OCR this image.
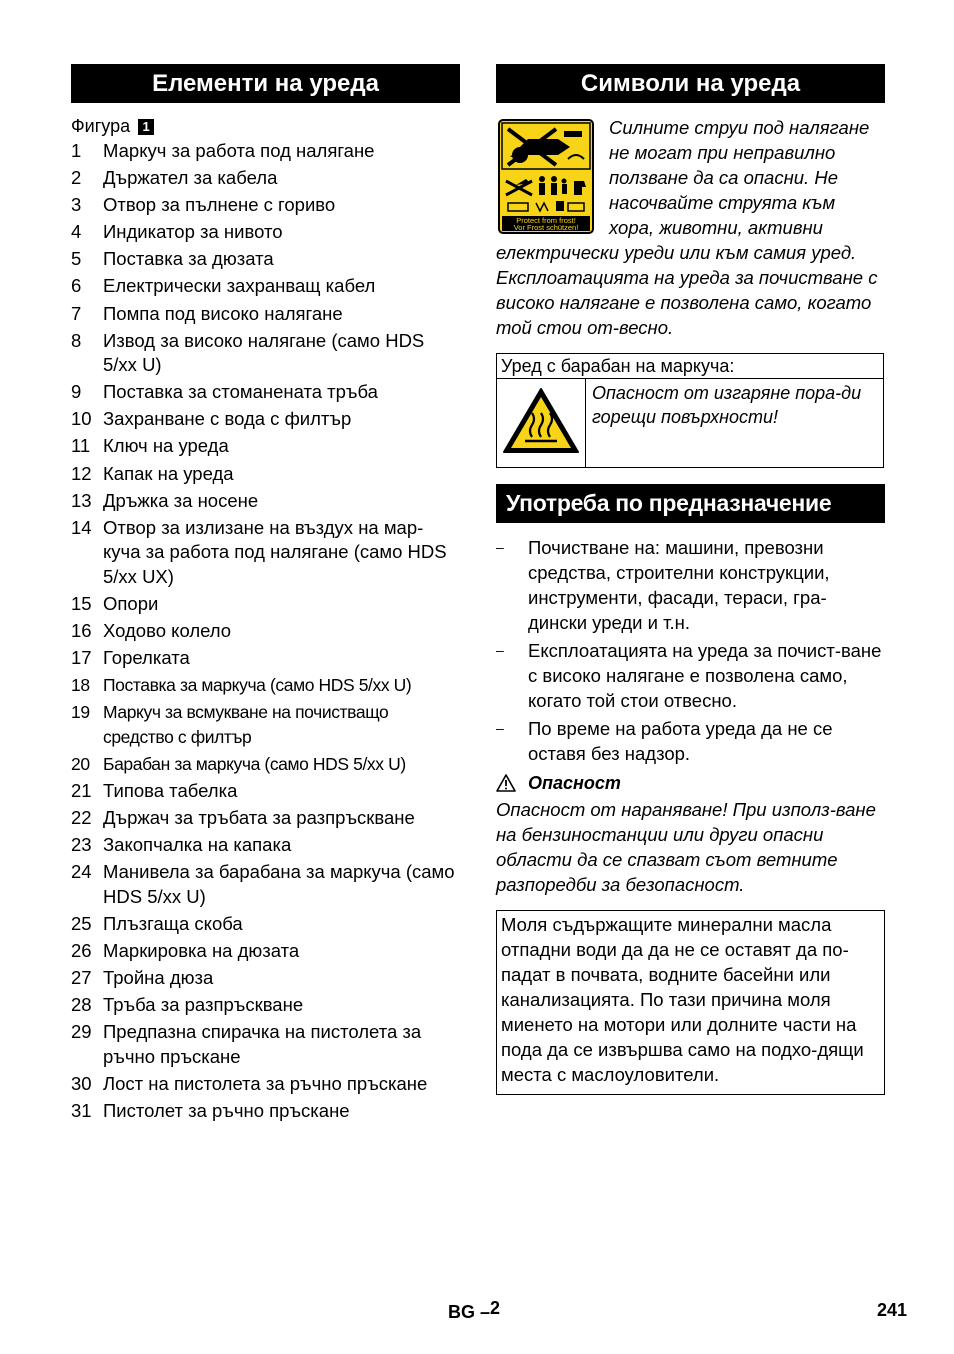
Елементи на уреда
Фигура 1
1	Маркуч за работа под налягане
2	Държател за кабела
3	Отвор за пълнене с гориво
4	Индикатор за нивото
5	Поставка за дюзата
6	Електрически захранващ кабел
7	Помпа под високо налягане
8	Извод за високо налягане (само HDS 5/xx U)
9	Поставка за стоманената тръба
10 Захранване с вода с филтър
11 Ключ на уреда
12 Капак на уреда
13 Дръжка за носене
14 Отвор за излизане на въздух на мар-куча за работа под налягане (само HDS 5/xx UX)
15 Опори
16 Ходово колело
17 Горелката
18 Поставка за маркуча (само HDS 5/xx U)
19 Маркуч за всмукване на почистващо средство с филтър
20 Барабан за маркуча (само HDS 5/xx U)
21 Типова табелка
22 Държач за тръбата за разпръскване
23 Закопчалка на капака
24 Манивела за барабана за маркуча (само HDS 5/xx U)
25 Плъзгаща скоба
26 Маркировка на дюзата
27 Тройна дюза
28 Тръба за разпръскване
29 Предпазна спирачка на пистолета за ръчно пръскане
30 Лост на пистолета за ръчно пръскане
31 Пистолет за ръчно пръскане
Символи на уреда
Protect from frost!
Vor Frost schützen!
Силните струи под налягане не могат при неправилно ползване да са опасни. Не насочвайте струята към хора, животни, активни електрически уреди или към самия уред. Експлоатацията на уреда за почистване с високо налягане е позволена само, когато той стои от-весно.
Уред с барабан на маркуча:
	Опасност от изгаряне пора-ди горещи повърхности!
Употреба по предназначение
–	Почистване на: машини, превозни средства, строителни конструкции, инструменти, фасади, тераси, гра-дински уреди и т.н.
–	Експлоатацията на уреда за почист-ване с високо налягане е позволена само, когато той стои отвесно.
–	По време на работа уреда да не се оставя без надзор.
Опасност
Опасност от нараняване! При използ-ване на бензиностанции или други опасни области да се спазват съот ветните разпоредби за безопасност.
Моля съдържащите минерални масла отпадни води да да не се оставят да по-падат в почвата, водните басейни или канализацията. По тази причина моля миенето на мотори или долните части на пода да се извършва само на подхо-дящи места с маслоуловители.
BG –$^2$	241
